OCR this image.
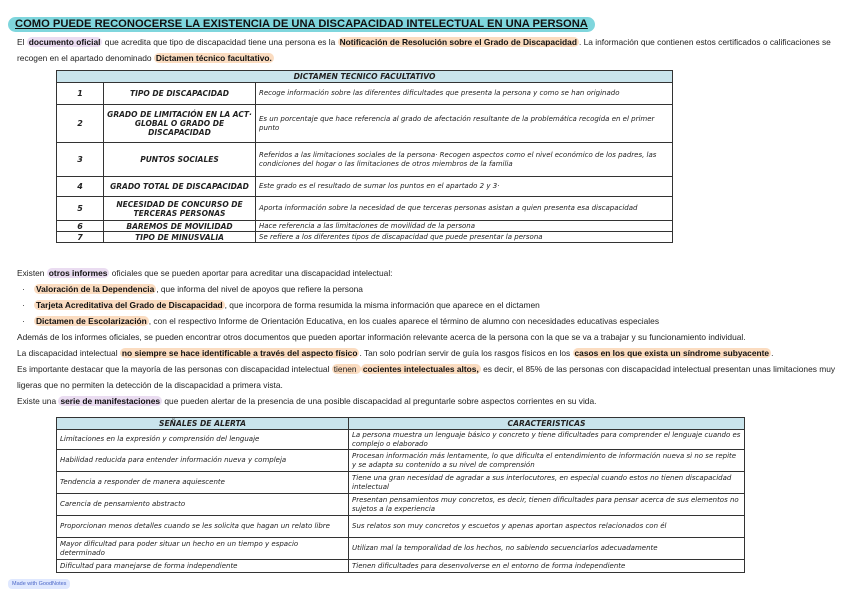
COMO PUEDE RECONOCERSE LA EXISTENCIA DE UNA DISCAPACIDAD INTELECTUAL EN UNA PERSONA
El documento oficial que acredita que tipo de discapacidad tiene una persona es la Notificación de Resolución sobre el Grado de Discapacidad . La información que contienen estos certificados o calificaciones se
recogen en el apartado denominado Dictamen técnico facultativo.
DICTAMEN TECNICO FACULTATIVO		
1	TIPO DE DISCAPACIDAD	Recoge información sobre las diferentes dificultades que presenta la persona y como se han originado
2	GRADO DE LIMITACIÓN EN LA ACT· GLOBAL O GRADO DE DISCAPACIDAD	Es un porcentaje que hace referencia al grado de afectación resultante de la problemática recogida en el primer punto
3	PUNTOS SOCIALES	Referidos a las limitaciones sociales de la persona· Recogen aspectos como el nivel económico de los padres, las condiciones del hogar o las limitaciones de otros miembros de la familia
4	GRADO TOTAL DE DISCAPACIDAD	Este grado es el resultado de sumar los puntos en el apartado 2 y 3·
5	NECESIDAD DE CONCURSO DE TERCERAS PERSONAS	Aporta información sobre la necesidad de que terceras personas asistan a quien presenta esa discapacidad
6	BAREMOS DE MOVILIDAD	Hace referencia a las limitaciones de movilidad de la persona
7	TIPO DE MINUSVALIA	Se refiere a los diferentes tipos de discapacidad que puede presentar la persona
Existen otros informes oficiales que se pueden aportar para acreditar una discapacidad intelectual:
· Valoración de la Dependencia , que informa del nivel de apoyos que refiere la persona
· Tarjeta Acreditativa del Grado de Discapacidad , que incorpora de forma resumida la misma información que aparece en el dictamen
· Dictamen de Escolarización , con el respectivo Informe de Orientación Educativa, en los cuales aparece el término de alumno con necesidades educativas especiales
Además de los informes oficiales, se pueden encontrar otros documentos que pueden aportar información relevante acerca de la persona con la que se va a trabajar y su funcionamiento individual.
La discapacidad intelectual no siempre se hace identificable a través del aspecto físico . Tan solo podrían servir de guía los rasgos físicos en los casos en los que exista un síndrome subyacente .
Es importante destacar que la mayoría de las personas con discapacidad intelectual tienen cocientes intelectuales altos, es decir, el 85% de las personas con discapacidad intelectual presentan unas limitaciones muy
ligeras que no permiten la detección de la discapacidad a primera vista.
Existe una serie de manifestaciones que pueden alertar de la presencia de una posible discapacidad al preguntarle sobre aspectos corrientes en su vida.
SEÑALES DE ALERTA	CARACTERISTICAS
Limitaciones en la expresión y comprensión del lenguaje	La persona muestra un lenguaje básico y concreto y tiene dificultades para comprender el lenguaje cuando es complejo o elaborado
Habilidad reducida para entender información nueva y compleja	Procesan información más lentamente, lo que dificulta el entendimiento de información nueva si no se repite y se adapta su contenido a su nivel de comprensión
Tendencia a responder de manera aquiescente	Tiene una gran necesidad de agradar a sus interlocutores, en especial cuando estos no tienen discapacidad intelectual
Carencia de pensamiento abstracto	Presentan pensamientos muy concretos, es decir, tienen dificultades para pensar acerca de sus elementos no sujetos a la experiencia
Proporcionan menos detalles cuando se les solicita que hagan un relato libre	Sus relatos son muy concretos y escuetos y apenas aportan aspectos relacionados con él
Mayor dificultad para poder situar un hecho en un tiempo y espacio determinado	Utilizan mal la temporalidad de los hechos, no sabiendo secuenciarlos adecuadamente
Dificultad para manejarse de forma independiente	Tienen dificultades para desenvolverse en el entorno de forma independiente
Made with GoodNotes
